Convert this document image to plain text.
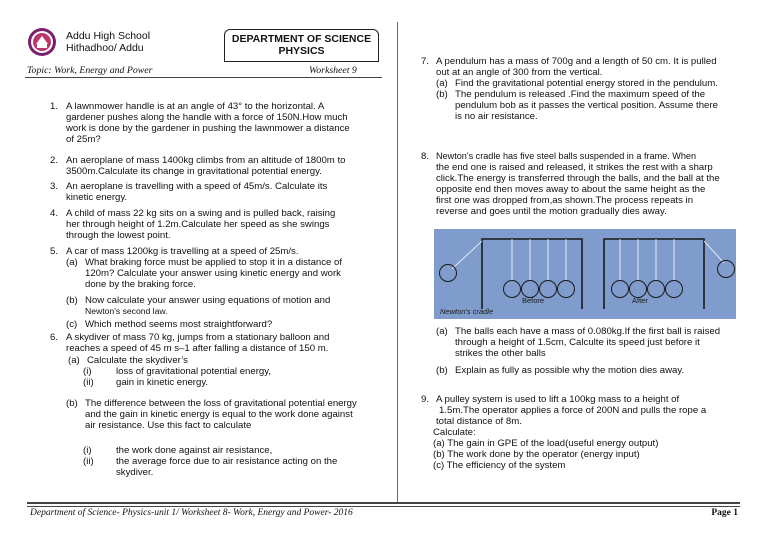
Addu High School
Hithadhoo/ Addu
DEPARTMENT OF SCIENCE
PHYSICS
Topic: Work, Energy and Power	Worksheet 9
1. A lawnmower handle is at an angle of 43° to the horizontal. A
gardener pushes along the handle with a force of 150N.How much
work is done by the gardener in pushing the lawnmower a distance
of 25m?
2. An aeroplane of mass 1400kg climbs from an altitude of 1800m to
3500m.Calculate its change in gravitational potential energy.
3. An aeroplane is travelling with a speed of 45m/s. Calculate its
kinetic energy.
4. A child of mass 22 kg sits on a swing and is pulled back, raising
her through height of 1.2m.Calculate her speed as she swings
through the lowest point.
5. A car of mass 1200kg is travelling at a speed of 25m/s.
(a) What braking force must be applied to stop it in a distance of
120m? Calculate your answer using kinetic energy and work
done by the braking force.
(b) Now calculate your answer using equations of motion and
Newton’s second law.
(c) Which method seems most straightforward?
6. A skydiver of mass 70 kg, jumps from a stationary balloon and
reaches a speed of 45 m s–1 after falling a distance of 150 m.
(a) Calculate the skydiver’s
(i)	loss of gravitational potential energy,
(ii) gain in kinetic energy.
(b) The difference between the loss of gravitational potential energy
and the gain in kinetic energy is equal to the work done against
air resistance. Use this fact to calculate
(i)	the work done against air resistance,
(ii) the average force due to air resistance acting on the
skydiver.
7. A pendulum has a mass of 700g and a length of 50 cm. It is pulled
out at an angle of 300 from the vertical.
(a) Find the gravitational potential energy stored in the pendulum.
(b) The pendulum is released .Find the maximum speed of the
pendulum bob as it passes the vertical position. Assume there
is no air resistance.
8. Newton's cradle has five steel balls suspended in a frame. When
the end one is raised and released, it strikes the rest with a sharp
click.The energy is transferred through the balls, and the ball at the
opposite end then moves away to about the same height as the
first one was dropped from,as shown.The process repeats in
reverse and goes until the motion gradually dies away.
Before	After
Newton's cradle
(a) The balls each have a mass of 0.080kg.If the first ball is raised
through a height of 1.5cm, Calculte its speed just before it
strikes the other balls
(b) Explain as fully as possible why the motion dies away.
9. A pulley system is used to lift a 100kg mass to a height of
1.5m.The operator applies a force of 200N and pulls the rope a
total distance of 8m.
Calculate:
(a) The gain in GPE of the load(useful energy output)
(b) The work done by the operator (energy input)
(c) The efficiency of the system
Department of Science- Physics-unit 1/ Worksheet 8- Work, Energy and Power- 2016	Page 1
